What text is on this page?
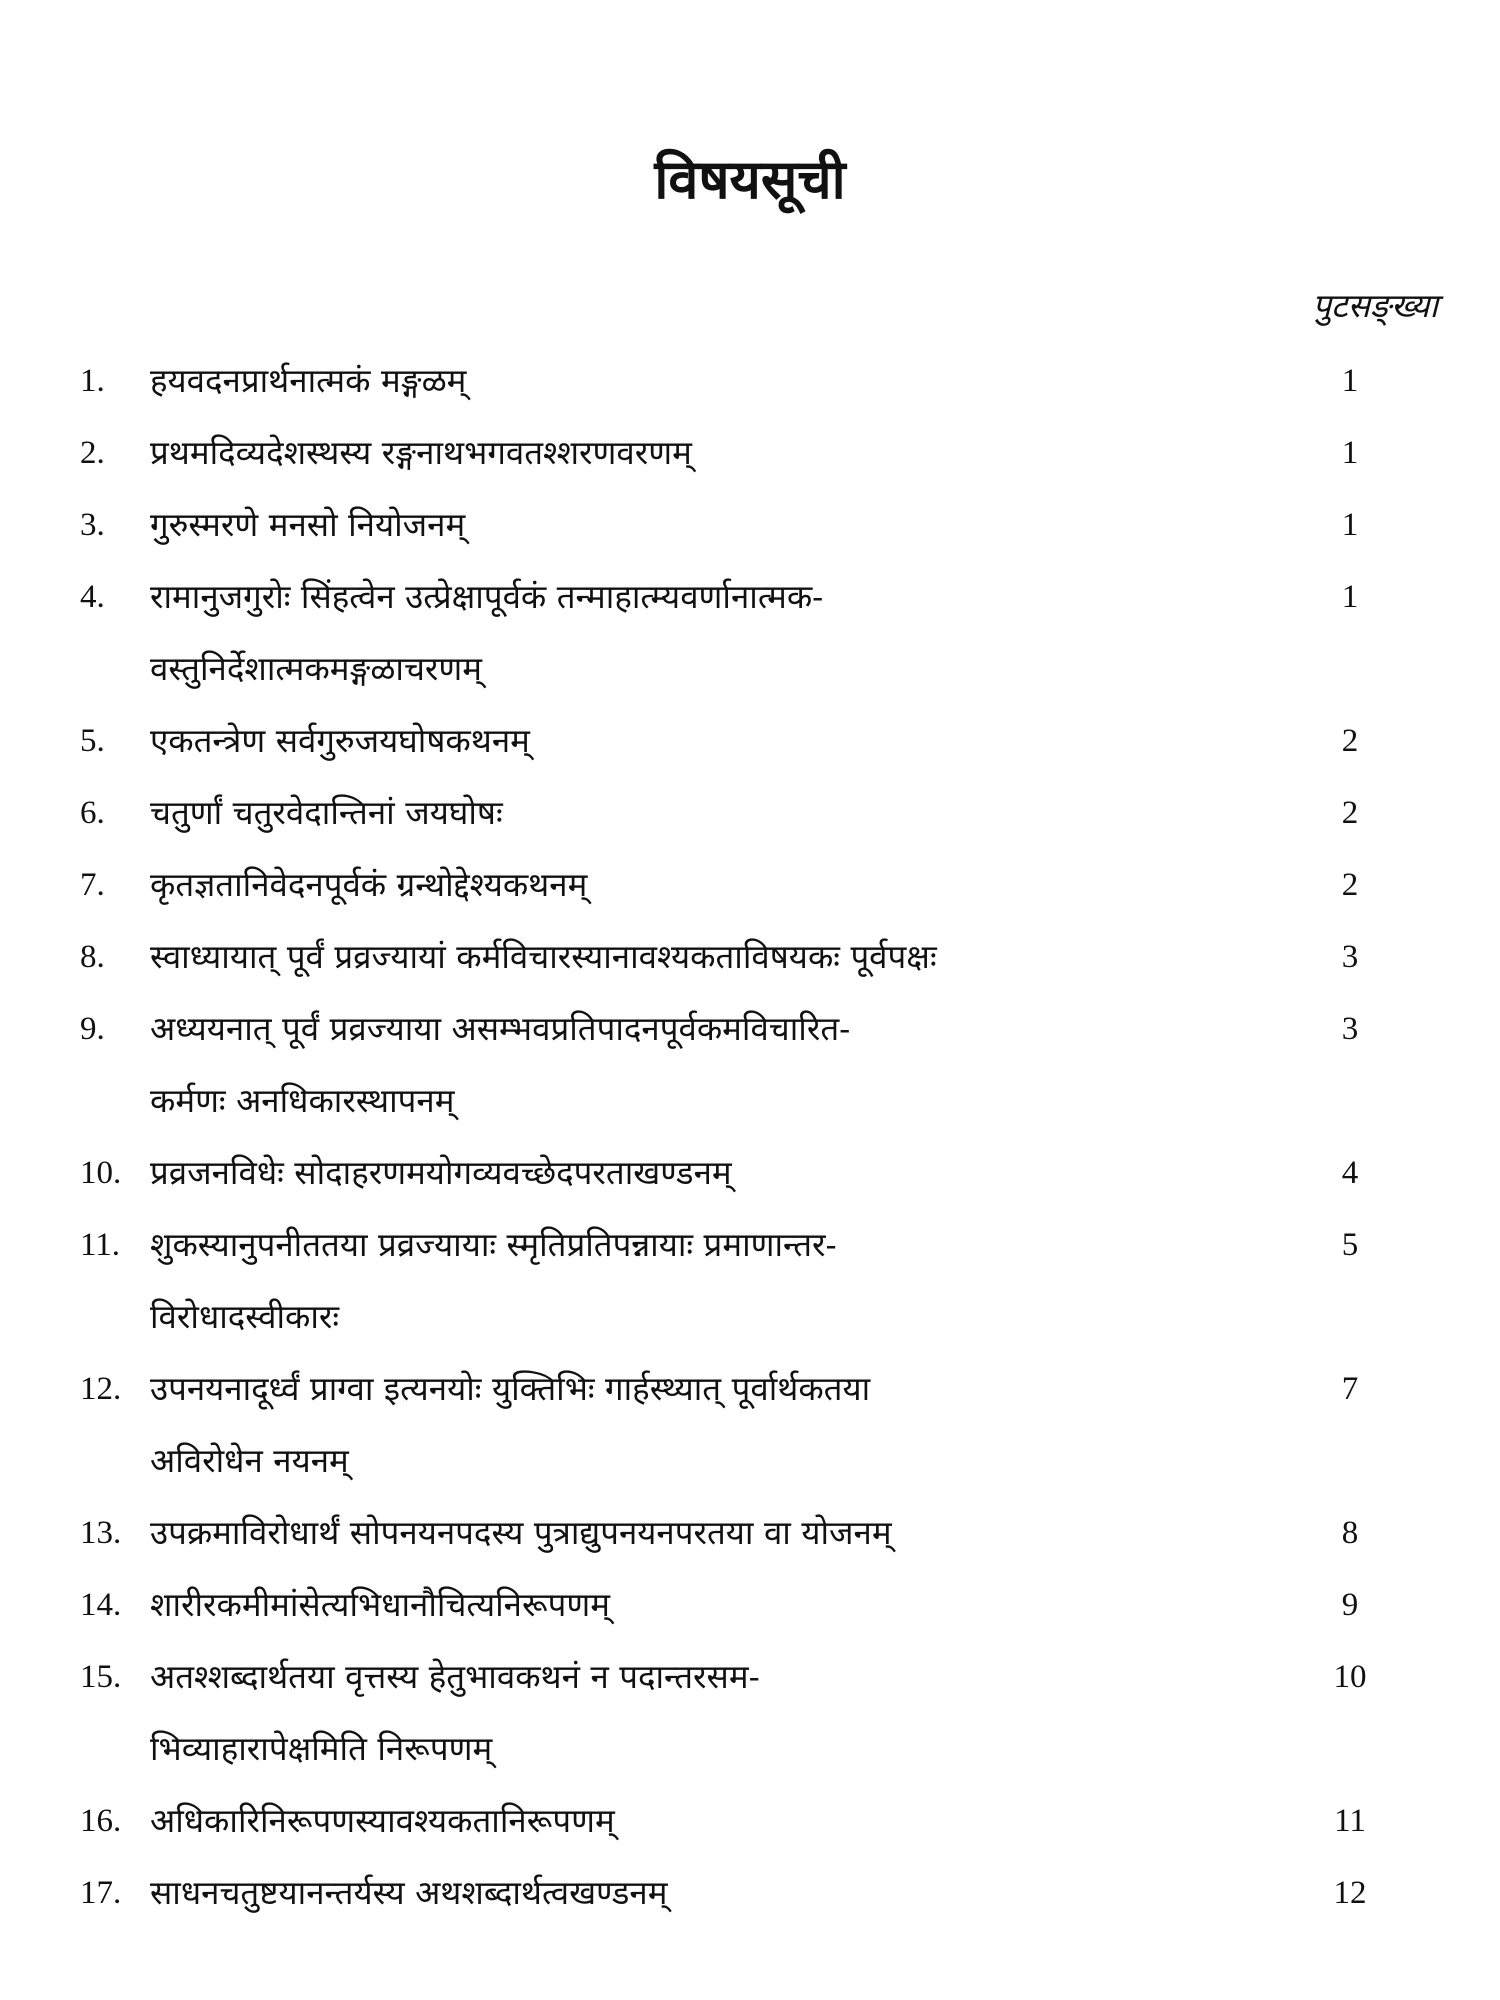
विषयसूची
पुटसङ्ख्या
1. हयवदनप्रार्थनात्मकं मङ्गळम्	1
2. प्रथमदिव्यदेशस्थस्य रङ्गनाथभगवतश्शरणवरणम्	1
3. गुरुस्मरणे मनसो नियोजनम्	1
4. रामानुजगुरोः सिंहत्वेन उत्प्रेक्षापूर्वकं तन्माहात्म्यवर्णानात्मक-	1
वस्तुनिर्देशात्मकमङ्गळाचरणम्
5. एकतन्त्रेण सर्वगुरुजयघोषकथनम्	2
6. चतुर्णां चतुरवेदान्तिनां जयघोषः	2
7. कृतज्ञतानिवेदनपूर्वकं ग्रन्थोद्देश्यकथनम्	2
8. स्वाध्यायात् पूर्वं प्रव्रज्यायां कर्मविचारस्यानावश्यकताविषयकः पूर्वपक्षः	3
9. अध्ययनात् पूर्वं प्रव्रज्याया असम्भवप्रतिपादनपूर्वकमविचारित-	3
कर्मणः अनधिकारस्थापनम्
10. प्रव्रजनविधेः सोदाहरणमयोगव्यवच्छेदपरताखण्डनम्	4
11. शुकस्यानुपनीततया प्रव्रज्यायाः स्मृतिप्रतिपन्नायाः प्रमाणान्तर-	5
विरोधादस्वीकारः
12. उपनयनादूर्ध्वं प्राग्वा इत्यनयोः युक्तिभिः गार्हस्थ्यात् पूर्वार्थकतया	7
अविरोधेन नयनम्
13. उपक्रमाविरोधार्थं सोपनयनपदस्य पुत्राद्युपनयनपरतया वा योजनम्	8
14. शारीरकमीमांसेत्यभिधानौचित्यनिरूपणम्	9
15. अतश्शब्दार्थतया वृत्तस्य हेतुभावकथनं न पदान्तरसम-	10
भिव्याहारापेक्षमिति निरूपणम्
16. अधिकारिनिरूपणस्यावश्यकतानिरूपणम्	11
17. साधनचतुष्टयानन्तर्यस्य अथशब्दार्थत्वखण्डनम्	12
